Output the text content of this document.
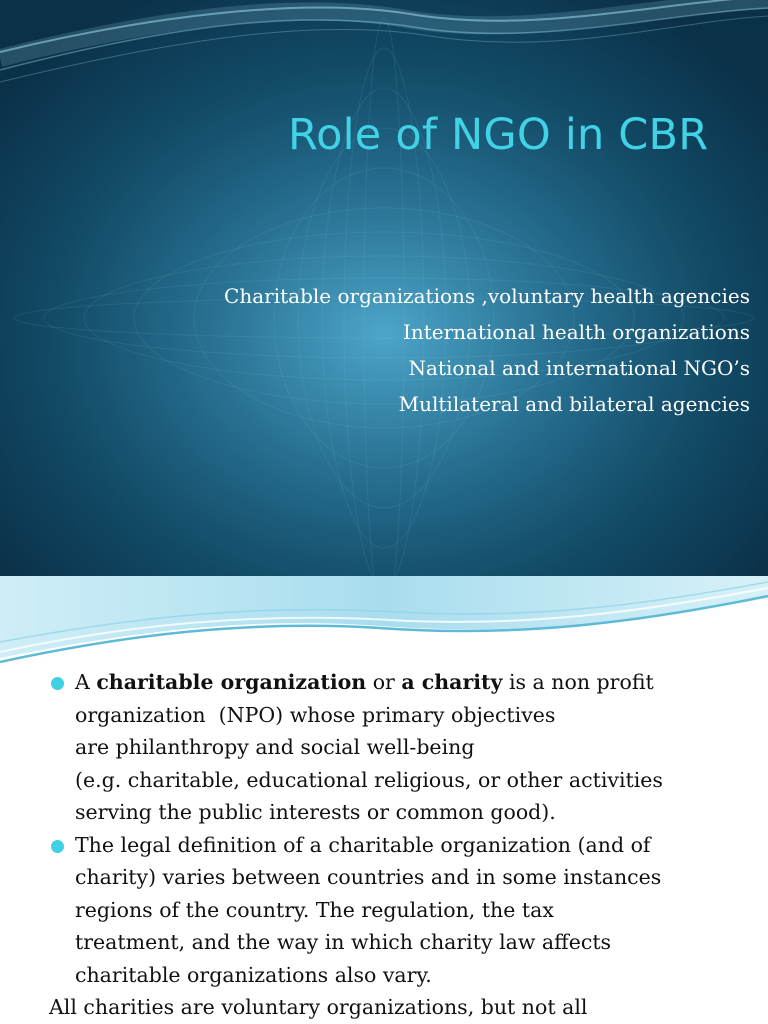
Role of NGO in CBR
Charitable organizations ,voluntary health agencies
International health organizations
National and international NGO’s
Multilateral and bilateral agencies
A charitable organization or a charity is a non profit
organization  (NPO) whose primary objectives
are philanthropy and social well-being
(e.g. charitable, educational religious, or other activities
serving the public interests or common good).
The legal definition of a charitable organization (and of
charity) varies between countries and in some instances
regions of the country. The regulation, the tax
treatment, and the way in which charity law affects
charitable organizations also vary.
All charities are voluntary organizations, but not all
